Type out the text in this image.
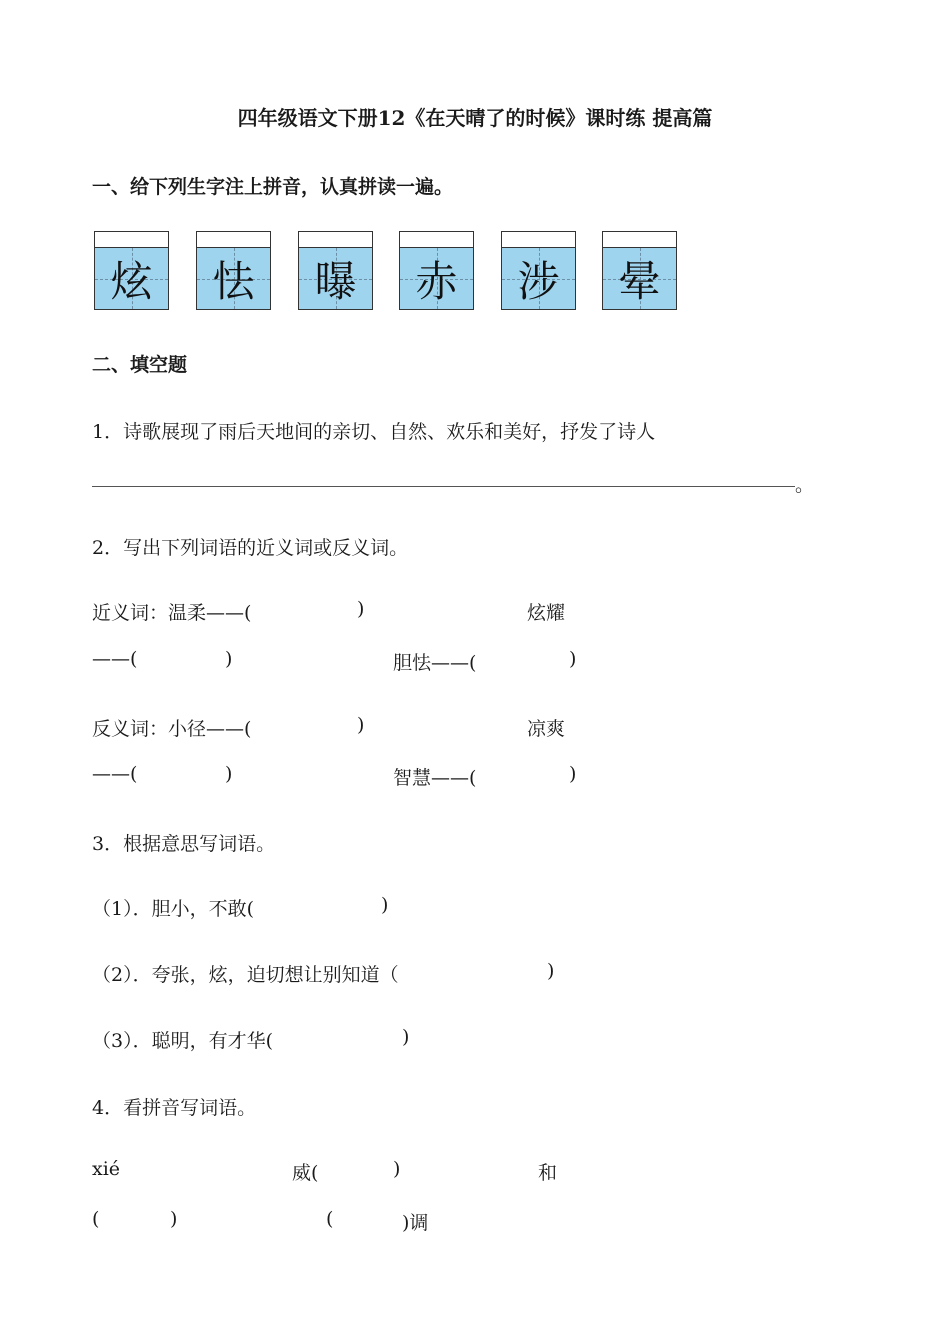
四年级语文下册12《在天晴了的时候》课时练 提高篇
一、给下列生字注上拼音，认真拼读一遍。
炫	怯	曝	赤	涉	晕
二、填空题
1．诗歌展现了雨后天地间的亲切、自然、欢乐和美好，抒发了诗人
。
2．写出下列词语的近义词或反义词。
近义词：温柔——(	)	炫耀
——(	)	胆怯——(	)
反义词：小径——(	)	凉爽
——(	)	智慧——(	)
3．根据意思写词语。
（1）．胆小，不敢(	)
（2）．夸张，炫，迫切想让别知道（	)
（3）．聪明，有才华(	)
4．看拼音写词语。
xié	威(	)	和
(	)	(	)调
